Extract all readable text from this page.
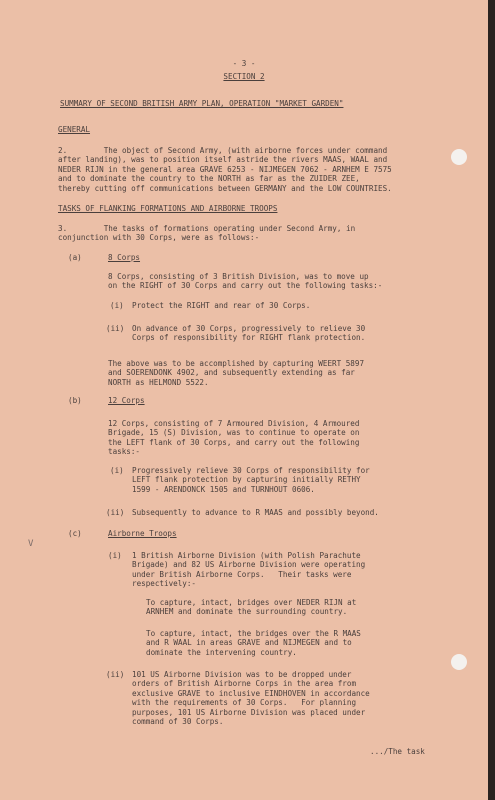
- 3 -
SECTION 2
SUMMARY OF SECOND BRITISH ARMY PLAN, OPERATION "MARKET GARDEN"
GENERAL
2.        The object of Second Army, (with airborne forces under command
after landing), was to position itself astride the rivers MAAS, WAAL and
NEDER RIJN in the general area GRAVE 6253 - NIJMEGEN 7062 - ARNHEM E 7575
and to dominate the country to the NORTH as far as the ZUIDER ZEE,
thereby cutting off communications between GERMANY and the LOW COUNTRIES.
TASKS OF FLANKING FORMATIONS AND AIRBORNE TROOPS
3.        The tasks of formations operating under Second Army, in
conjunction with 30 Corps, were as follows:-
(a)	8 Corps
8 Corps, consisting of 3 British Division, was to move up
on the RIGHT of 30 Corps and carry out the following tasks:-
(i) Protect the RIGHT and rear of 30 Corps.
(ii) On advance of 30 Corps, progressively to relieve 30
Corps of responsibility for RIGHT flank protection.
The above was to be accomplished by capturing WEERT 5897
and SOERENDONK 4902, and subsequently extending as far
NORTH as HELMOND 5522.
(b)	12 Corps
12 Corps, consisting of 7 Armoured Division, 4 Armoured
Brigade, 15 (S) Division, was to continue to operate on
the LEFT flank of 30 Corps, and carry out the following
tasks:-
(i) Progressively relieve 30 Corps of responsibility for
LEFT flank protection by capturing initially RETHY
1599 - ARENDONCK 1505 and TURNHOUT 0606.
(ii) Subsequently to advance to R MAAS and possibly beyond.
(c)	Airborne Troops
(i) 1 British Airborne Division (with Polish Parachute
Brigade) and 82 US Airborne Division were operating
under British Airborne Corps.   Their tasks were
respectively:-
To capture, intact, bridges over NEDER RIJN at
ARNHEM and dominate the surrounding country.
To capture, intact, the bridges over the R MAAS
and R WAAL in areas GRAVE and NIJMEGEN and to
dominate the intervening country.
(ii) 101 US Airborne Division was to be dropped under
orders of British Airborne Corps in the area from
exclusive GRAVE to inclusive EINDHOVEN in accordance
with the requirements of 30 Corps.   For planning
purposes, 101 US Airborne Division was placed under
command of 30 Corps.
.../The task
V
